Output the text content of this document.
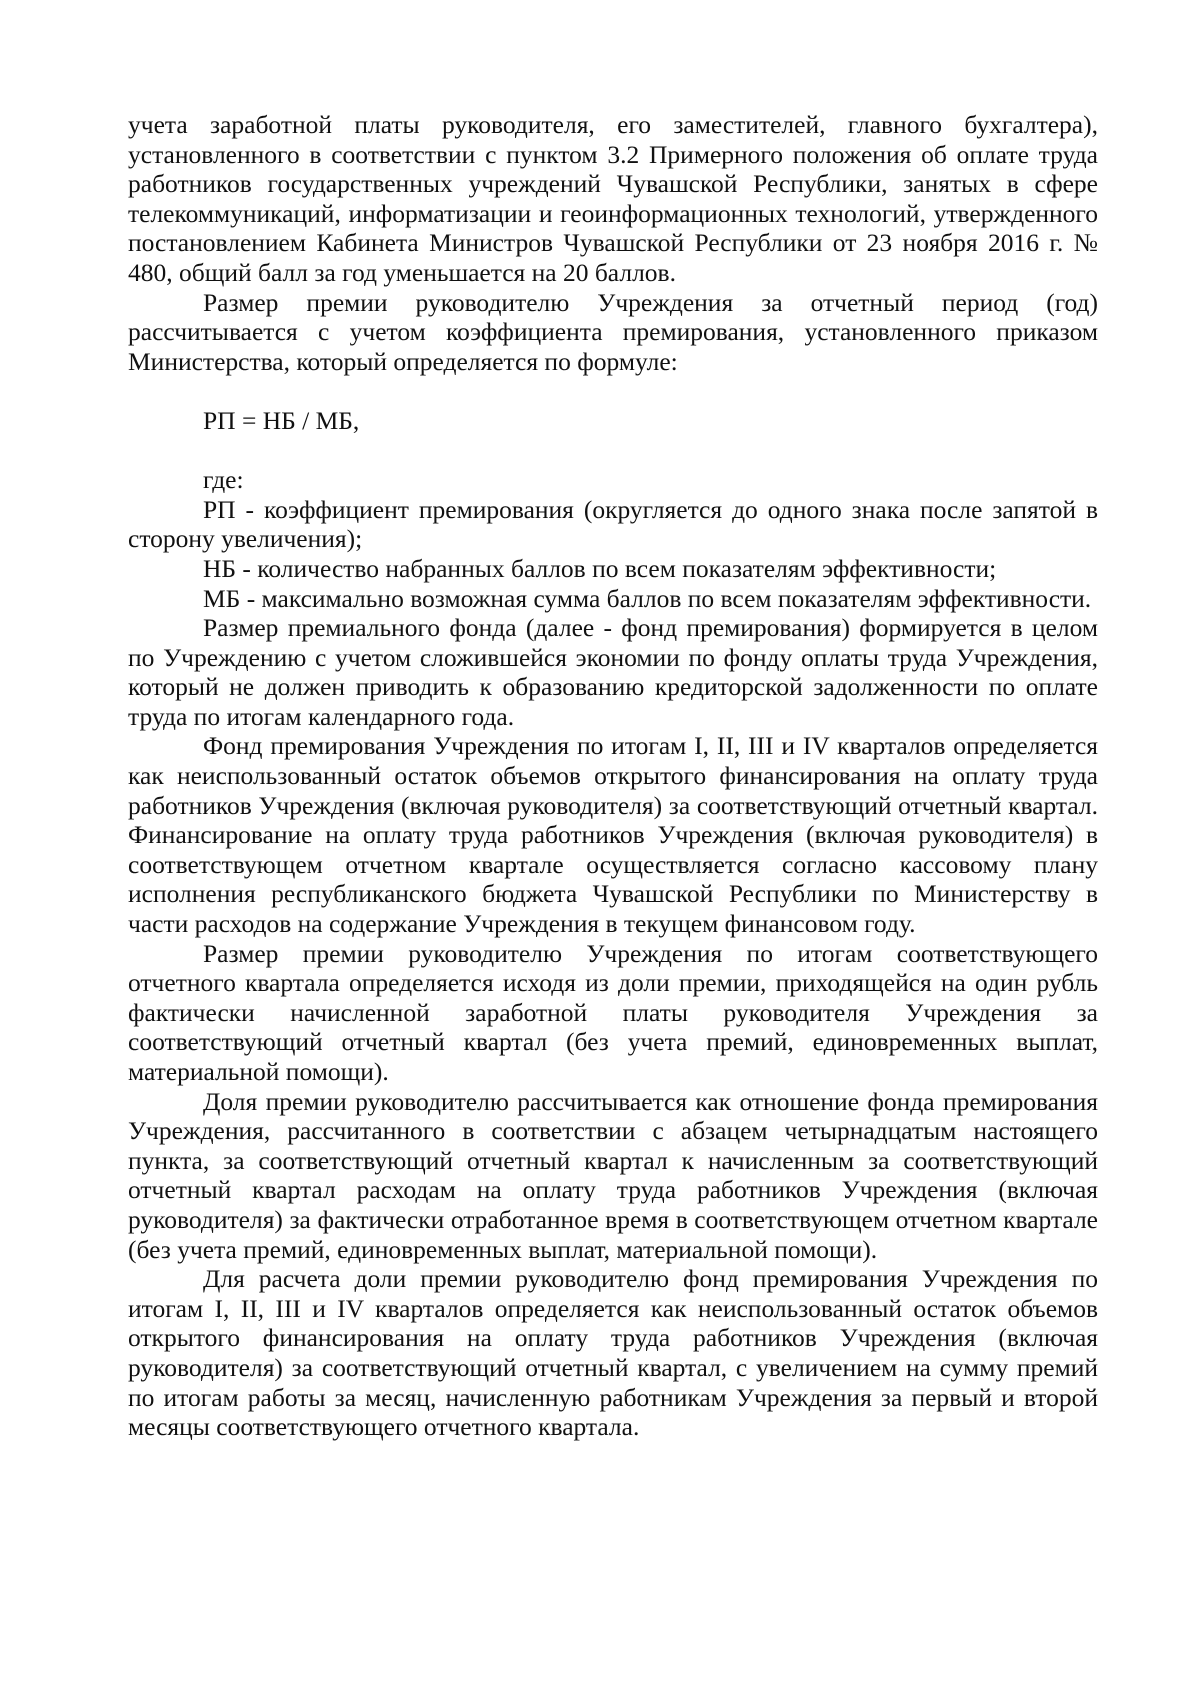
учета заработной платы руководителя, его заместителей, главного бухгалтера), установленного в соответствии с пунктом 3.2 Примерного положения об оплате труда работников государственных учреждений Чувашской Республики, занятых в сфере телекоммуникаций, информатизации и геоинформационных технологий, утвержденного постановлением Кабинета Министров Чувашской Республики от 23 ноября 2016 г. № 480, общий балл за год уменьшается на 20 баллов.

Размер премии руководителю Учреждения за отчетный период (год) рассчитывается с учетом коэффициента премирования, установленного приказом Министерства, который определяется по формуле:

РП = НБ / МБ,

где:

РП - коэффициент премирования (округляется до одного знака после запятой в сторону увеличения);

НБ - количество набранных баллов по всем показателям эффективности;

МБ - максимально возможная сумма баллов по всем показателям эффективности.

Размер премиального фонда (далее - фонд премирования) формируется в целом по Учреждению с учетом сложившейся экономии по фонду оплаты труда Учреждения, который не должен приводить к образованию кредиторской задолженности по оплате труда по итогам календарного года.

Фонд премирования Учреждения по итогам I, II, III и IV кварталов определяется как неиспользованный остаток объемов открытого финансирования на оплату труда работников Учреждения (включая руководителя) за соответствующий отчетный квартал. Финансирование на оплату труда работников Учреждения (включая руководителя) в соответствующем отчетном квартале осуществляется согласно кассовому плану исполнения республиканского бюджета Чувашской Республики по Министерству в части расходов на содержание Учреждения в текущем финансовом году.

Размер премии руководителю Учреждения по итогам соответствующего отчетного квартала определяется исходя из доли премии, приходящейся на один рубль фактически начисленной заработной платы руководителя Учреждения за соответствующий отчетный квартал (без учета премий, единовременных выплат, материальной помощи).

Доля премии руководителю рассчитывается как отношение фонда премирования Учреждения, рассчитанного в соответствии с абзацем четырнадцатым настоящего пункта, за соответствующий отчетный квартал к начисленным за соответствующий отчетный квартал расходам на оплату труда работников Учреждения (включая руководителя) за фактически отработанное время в соответствующем отчетном квартале (без учета премий, единовременных выплат, материальной помощи).

Для расчета доли премии руководителю фонд премирования Учреждения по итогам I, II, III и IV кварталов определяется как неиспользованный остаток объемов открытого финансирования на оплату труда работников Учреждения (включая руководителя) за соответствующий отчетный квартал, с увеличением на сумму премий по итогам работы за месяц, начисленную работникам Учреждения за первый и второй месяцы соответствующего отчетного квартала.
